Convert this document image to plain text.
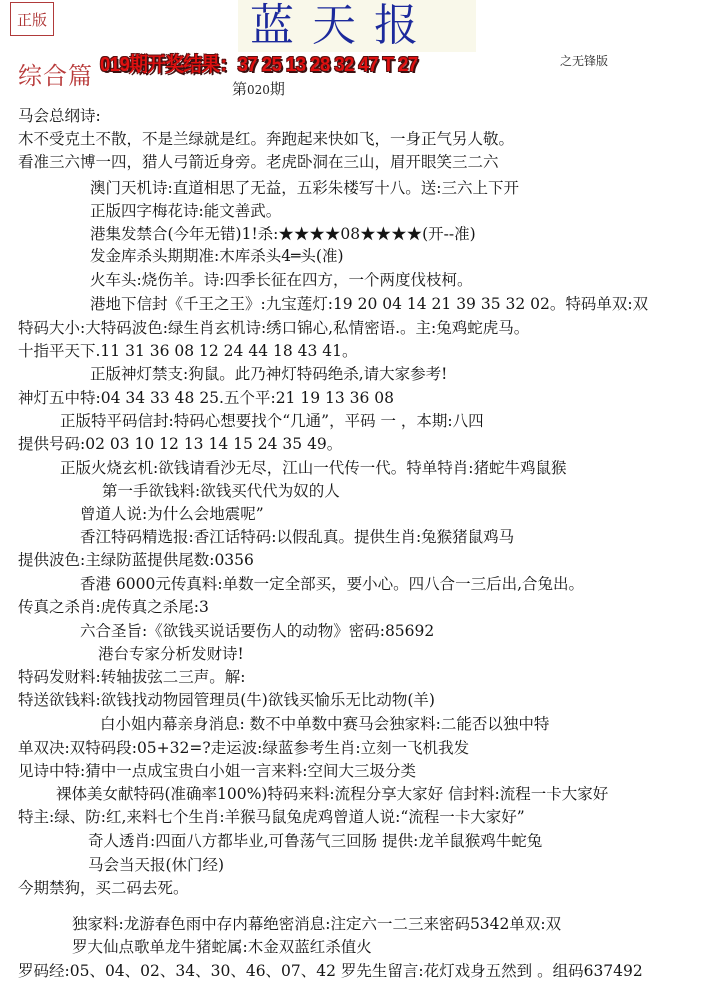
正版	蓝天报
综合篇 019期开奖结果：37 25 13 28 32 47 T 27	之无锋版
第020期
马会总纲诗:
木不受克土不散，不是兰绿就是红。奔跑起来快如飞，一身正气另人敬。
看准三六博一四，猎人弓箭近身旁。老虎卧洞在三山，眉开眼笑三二六
澳门天机诗:直道相思了无益，五彩朱楼写十八。送:三六上下开
正版四字梅花诗:能文善武。
港集发禁合(今年无错)1!杀:★★★★08★★★★(开--准)
发金库杀头期期准:木库杀头4═头(准)
火车头:烧伤羊。诗:四季长征在四方，一个两度伐枝柯。
港地下信封《千王之王》:九宝莲灯:19 20 04 14 21 39 35 32 02。特码单双:双
特码大小:大特码波色:绿生肖玄机诗:绣口锦心,私情密语.。主:兔鸡蛇虎马。
十指平天下.11 31 36 08 12 24 44 18 43 41。
正版神灯禁支:狗鼠。此乃神灯特码绝杀,请大家参考!
神灯五中特:04 34 33 48 25.五个平:21 19 13 36 08
正版特平码信封:特码心想要找个“几通”，平码 一 ，本期:八四
提供号码:02 03 10 12 13 14 15 24 35 49。
正版火烧玄机:欲钱请看沙无尽，江山一代传一代。特单特肖:猪蛇牛鸡鼠猴
第一手欲钱料:欲钱买代代为奴的人
曾道人说:为什么会地震呢”
香江特码精选报:香江话特码:以假乱真。提供生肖:兔猴猪鼠鸡马
提供波色:主绿防蓝提供尾数:0356
香港 6000元传真料:单数一定全部买，要小心。四八合一三后出,合兔出。
传真之杀肖:虎传真之杀尾:3
六合圣旨:《欲钱买说话要伤人的动物》密码:85692
港台专家分析发财诗!
特码发财料:转轴拔弦二三声。解:
特送欲钱料:欲钱找动物园管理员(牛)欲钱买愉乐无比动物(羊)
白小姐内幕亲身消息: 数不中单数中赛马会独家料:二能否以独中特
单双决:双特码段:05+32=?走运波:绿蓝参考生肖:立刻一飞机我发
见诗中特:猜中一点成宝贵白小姐一言来料:空间大三圾分类
裸体美女献特码(准确率100%)特码来料:流程分享大家好 信封料:流程一卡大家好
特主:绿、防:红,来料七个生肖:羊猴马鼠兔虎鸡曾道人说:“流程一卡大家好”
奇人透肖:四面八方都毕业,可鲁荡气三回肠 提供:龙羊鼠猴鸡牛蛇兔
马会当天报(休门经)
今期禁狗，买二码去死。
独家料:龙游春色雨中存内幕绝密消息:注定六一二三来密码5342单双:双
罗大仙点歌单龙牛猪蛇属:木金双蓝红杀值火
罗码经:05、04、02、34、30、46、07、42 罗先生留言:花灯戏身五然到 。组码637492
